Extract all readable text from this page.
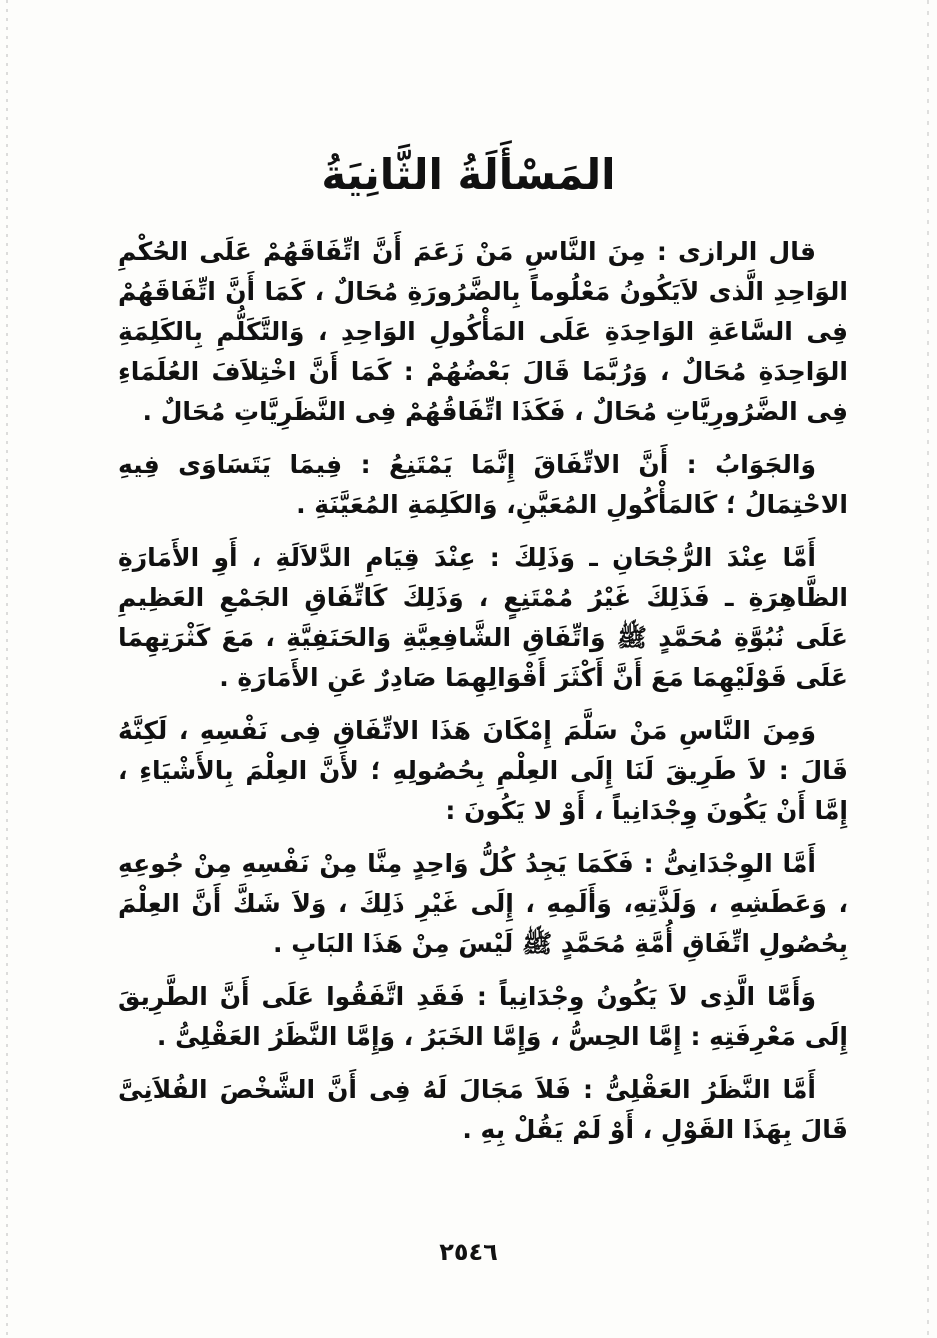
المَسْأَلَةُ الثَّانِيَةُ

قال الرازى : مِنَ النَّاسِ مَنْ زَعَمَ أَنَّ اتِّفَاقَهُمْ عَلَى الحُكْمِ الوَاحِدِ الَّذى لاَيَكُونُ مَعْلُوماً بِالضَّرُورَةِ مُحَالٌ ، كَمَا أَنَّ اتِّفَاقَهُمْ فِى السَّاعَةِ الوَاحِدَةِ عَلَى المَأْكُولِ الوَاحِدِ ، وَالتَّكَلُّمِ بِالكَلِمَةِ الوَاحِدَةِ مُحَالٌ ، وَرُبَّمَا قَالَ بَعْضُهُمْ : كَمَا أَنَّ اخْتِلاَفَ العُلَمَاءِ فِى الضَّرُورِيَّاتِ مُحَالٌ ، فَكَذَا اتِّفَاقُهُمْ فِى النَّظَرِيَّاتِ مُحَالٌ .

وَالجَوَابُ : أَنَّ الاتِّفَاقَ إِنَّمَا يَمْتَنِعُ : فِيمَا يَتَسَاوَى فِيهِ الاحْتِمَالُ ؛ كَالمَأْكُولِ المُعَيَّنِ، وَالكَلِمَةِ المُعَيَّنَةِ .

أَمَّا عِنْدَ الرُّجْحَانِ ـ وَذَلِكَ : عِنْدَ قِيَامِ الدَّلاَلَةِ ، أَوِ الأَمَارَةِ الظَّاهِرَةِ ـ فَذَلِكَ غَيْرُ مُمْتَنِعٍ ، وَذَلِكَ كَاتِّفَاقِ الجَمْعِ العَظِيمِ عَلَى نُبُوَّةِ مُحَمَّدٍ ﷺ وَاتِّفَاقِ الشَّافِعِيَّةِ وَالحَنَفِيَّةِ ، مَعَ كَثْرَتِهِمَا عَلَى قَوْلَيْهِمَا مَعَ أَنَّ أَكْثَرَ أَقْوَالِهِمَا صَادِرٌ عَنِ الأَمَارَةِ .

وَمِنَ النَّاسِ مَنْ سَلَّمَ إِمْكَانَ هَذَا الاتِّفَاقِ فِى نَفْسِهِ ، لَكِنَّهُ قَالَ : لاَ طَرِيقَ لَنَا إِلَى العِلْمِ بِحُصُولِهِ ؛ لأَنَّ العِلْمَ بِالأَشْيَاءِ ، إِمَّا أَنْ يَكُونَ وِجْدَانِياً ، أَوْ لا يَكُونَ :

أَمَّا الوِجْدَانِىُّ : فَكَمَا يَجِدُ كُلُّ وَاحِدٍ مِنَّا مِنْ نَفْسِهِ مِنْ جُوعِهِ ، وَعَطَشِهِ ، وَلَذَّتِهِ، وَأَلَمِهِ ، إِلَى غَيْرِ ذَلِكَ ، وَلاَ شَكَّ أَنَّ العِلْمَ بِحُصُولِ اتِّفَاقِ أُمَّةِ مُحَمَّدٍ ﷺ لَيْسَ مِنْ هَذَا البَابِ .

وَأَمَّا الَّذِى لاَ يَكُونُ وِجْدَانِياً : فَقَدِ اتَّفَقُوا عَلَى أَنَّ الطَّرِيقَ إِلَى مَعْرِفَتِهِ : إِمَّا الحِسُّ ، وَإِمَّا الخَبَرُ ، وَإِمَّا النَّظَرُ العَقْلِىُّ .

أَمَّا النَّظَرُ العَقْلِىُّ : فَلاَ مَجَالَ لَهُ فِى أَنَّ الشَّخْصَ الفُلاَنِىَّ قَالَ بِهَذَا القَوْلِ ، أَوْ لَمْ يَقُلْ بِهِ .

٢٥٤٦
